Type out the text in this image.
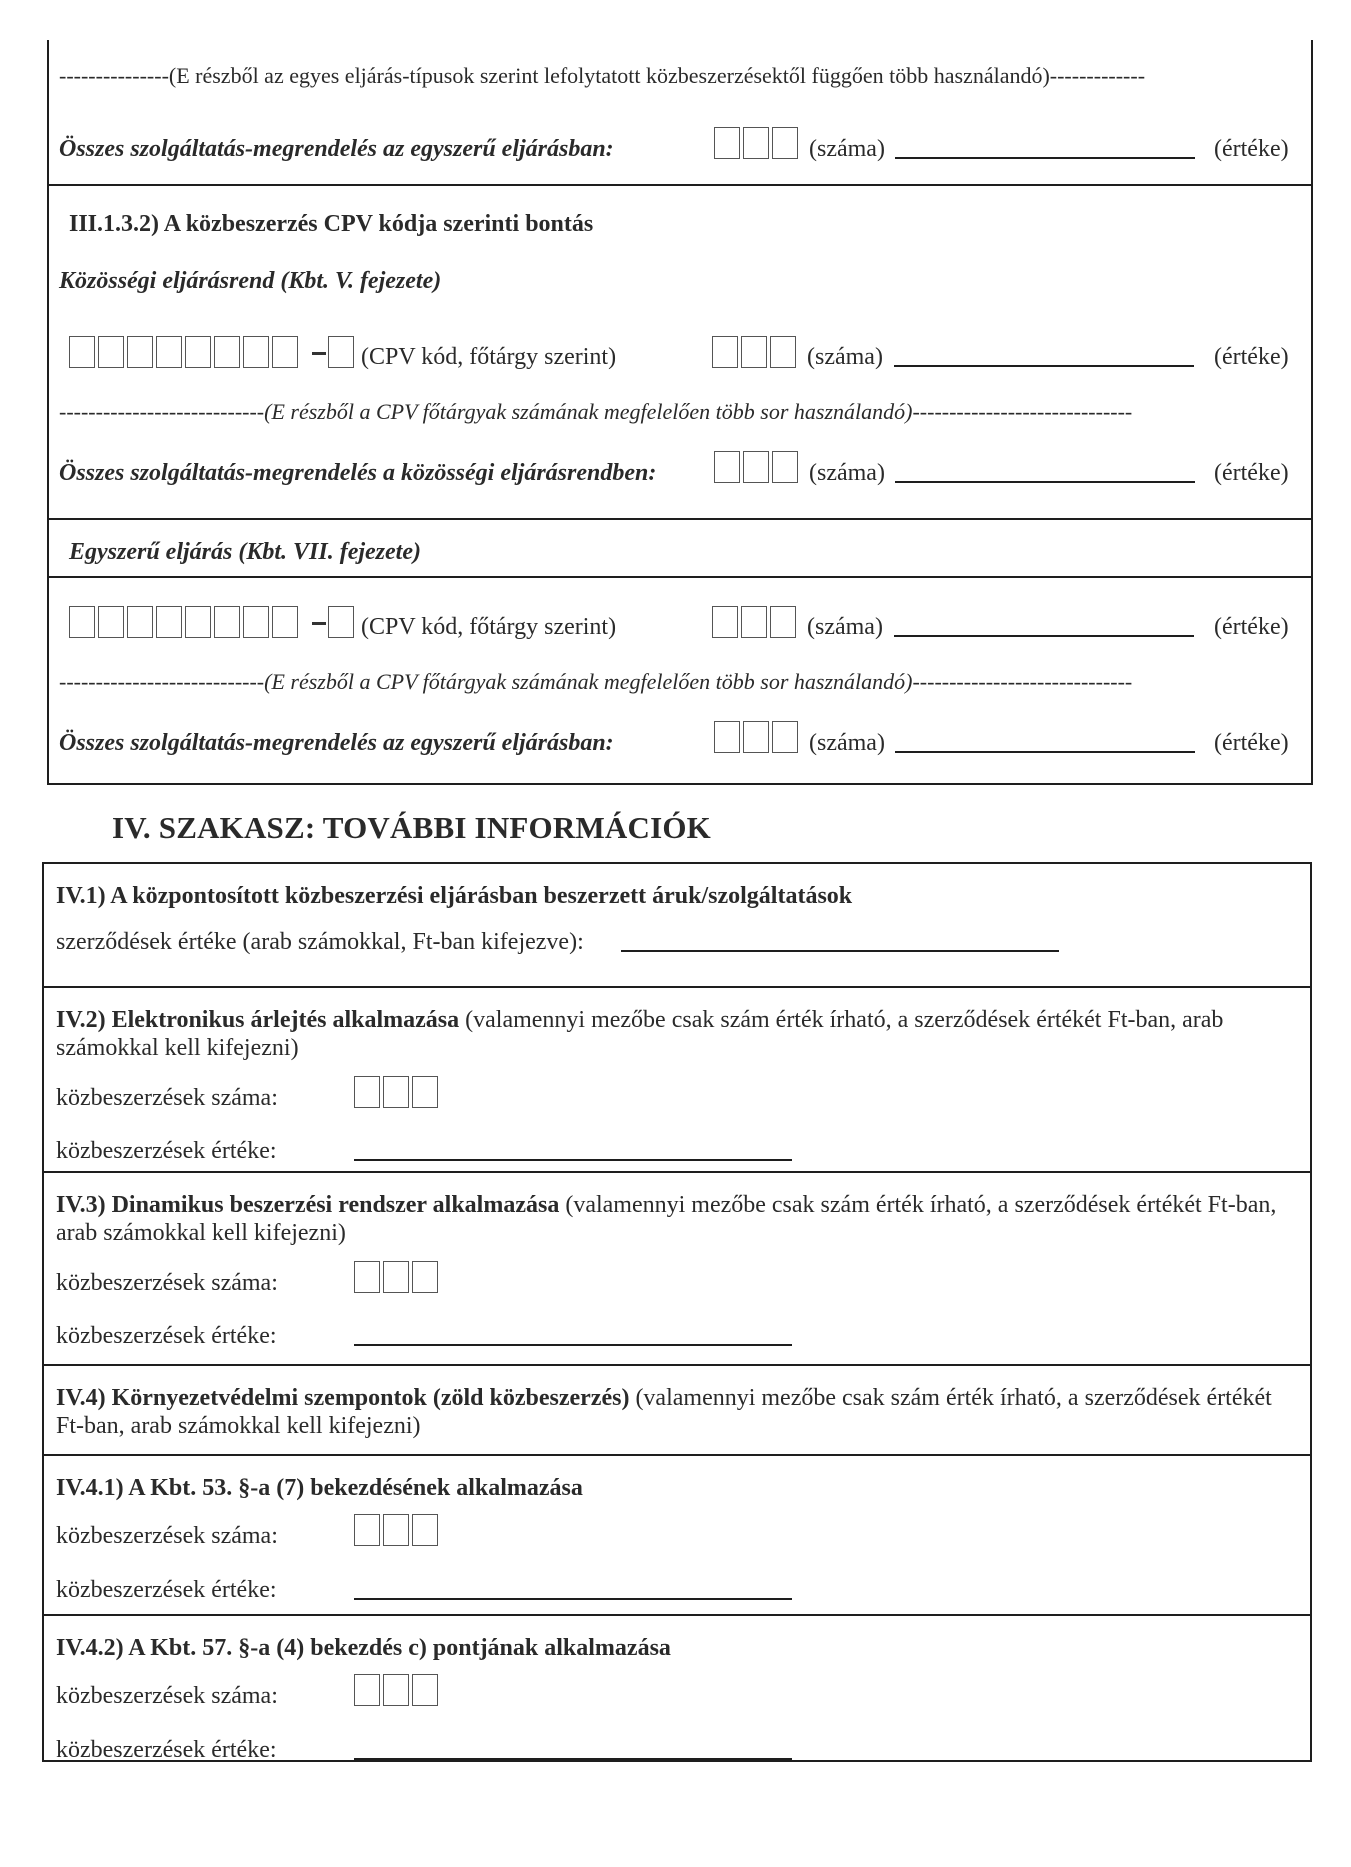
---------------(E részből az egyes eljárás-típusok szerint lefolytatott közbeszerzésektől függően több használandó)-------------
Összes szolgáltatás-megrendelés az egyszerű eljárásban:	(száma)	(értéke)
III.1.3.2) A közbeszerzés CPV kódja szerinti bontás
Közösségi eljárásrend (Kbt. V. fejezete)
(CPV kód, főtárgy szerint)	(száma)	(értéke)
----------------------------(E részből a CPV főtárgyak számának megfelelően több sor használandó)------------------------------
Összes szolgáltatás-megrendelés a közösségi eljárásrendben:	(száma)	(értéke)
Egyszerű eljárás (Kbt. VII. fejezete)
(CPV kód, főtárgy szerint)	(száma)	(értéke)
----------------------------(E részből a CPV főtárgyak számának megfelelően több sor használandó)------------------------------
Összes szolgáltatás-megrendelés az egyszerű eljárásban:	(száma)	(értéke)
IV. SZAKASZ: TOVÁBBI INFORMÁCIÓK
IV.1) A központosított közbeszerzési eljárásban beszerzett áruk/szolgáltatások
szerződések értéke (arab számokkal, Ft-ban kifejezve):
IV.2) Elektronikus árlejtés alkalmazása (valamennyi mezőbe csak szám érték írható, a szerződések értékét Ft-ban, arab számokkal kell kifejezni)
közbeszerzések száma:
közbeszerzések értéke:
IV.3) Dinamikus beszerzési rendszer alkalmazása (valamennyi mezőbe csak szám érték írható, a szerződések értékét Ft-ban, arab számokkal kell kifejezni)
közbeszerzések száma:
közbeszerzések értéke:
IV.4) Környezetvédelmi szempontok (zöld közbeszerzés) (valamennyi mezőbe csak szám érték írható, a szerződések értékét Ft-ban, arab számokkal kell kifejezni)
IV.4.1) A Kbt. 53. §-a (7) bekezdésének alkalmazása
közbeszerzések száma:
közbeszerzések értéke:
IV.4.2) A Kbt. 57. §-a (4) bekezdés c) pontjának alkalmazása
közbeszerzések száma:
közbeszerzések értéke:
